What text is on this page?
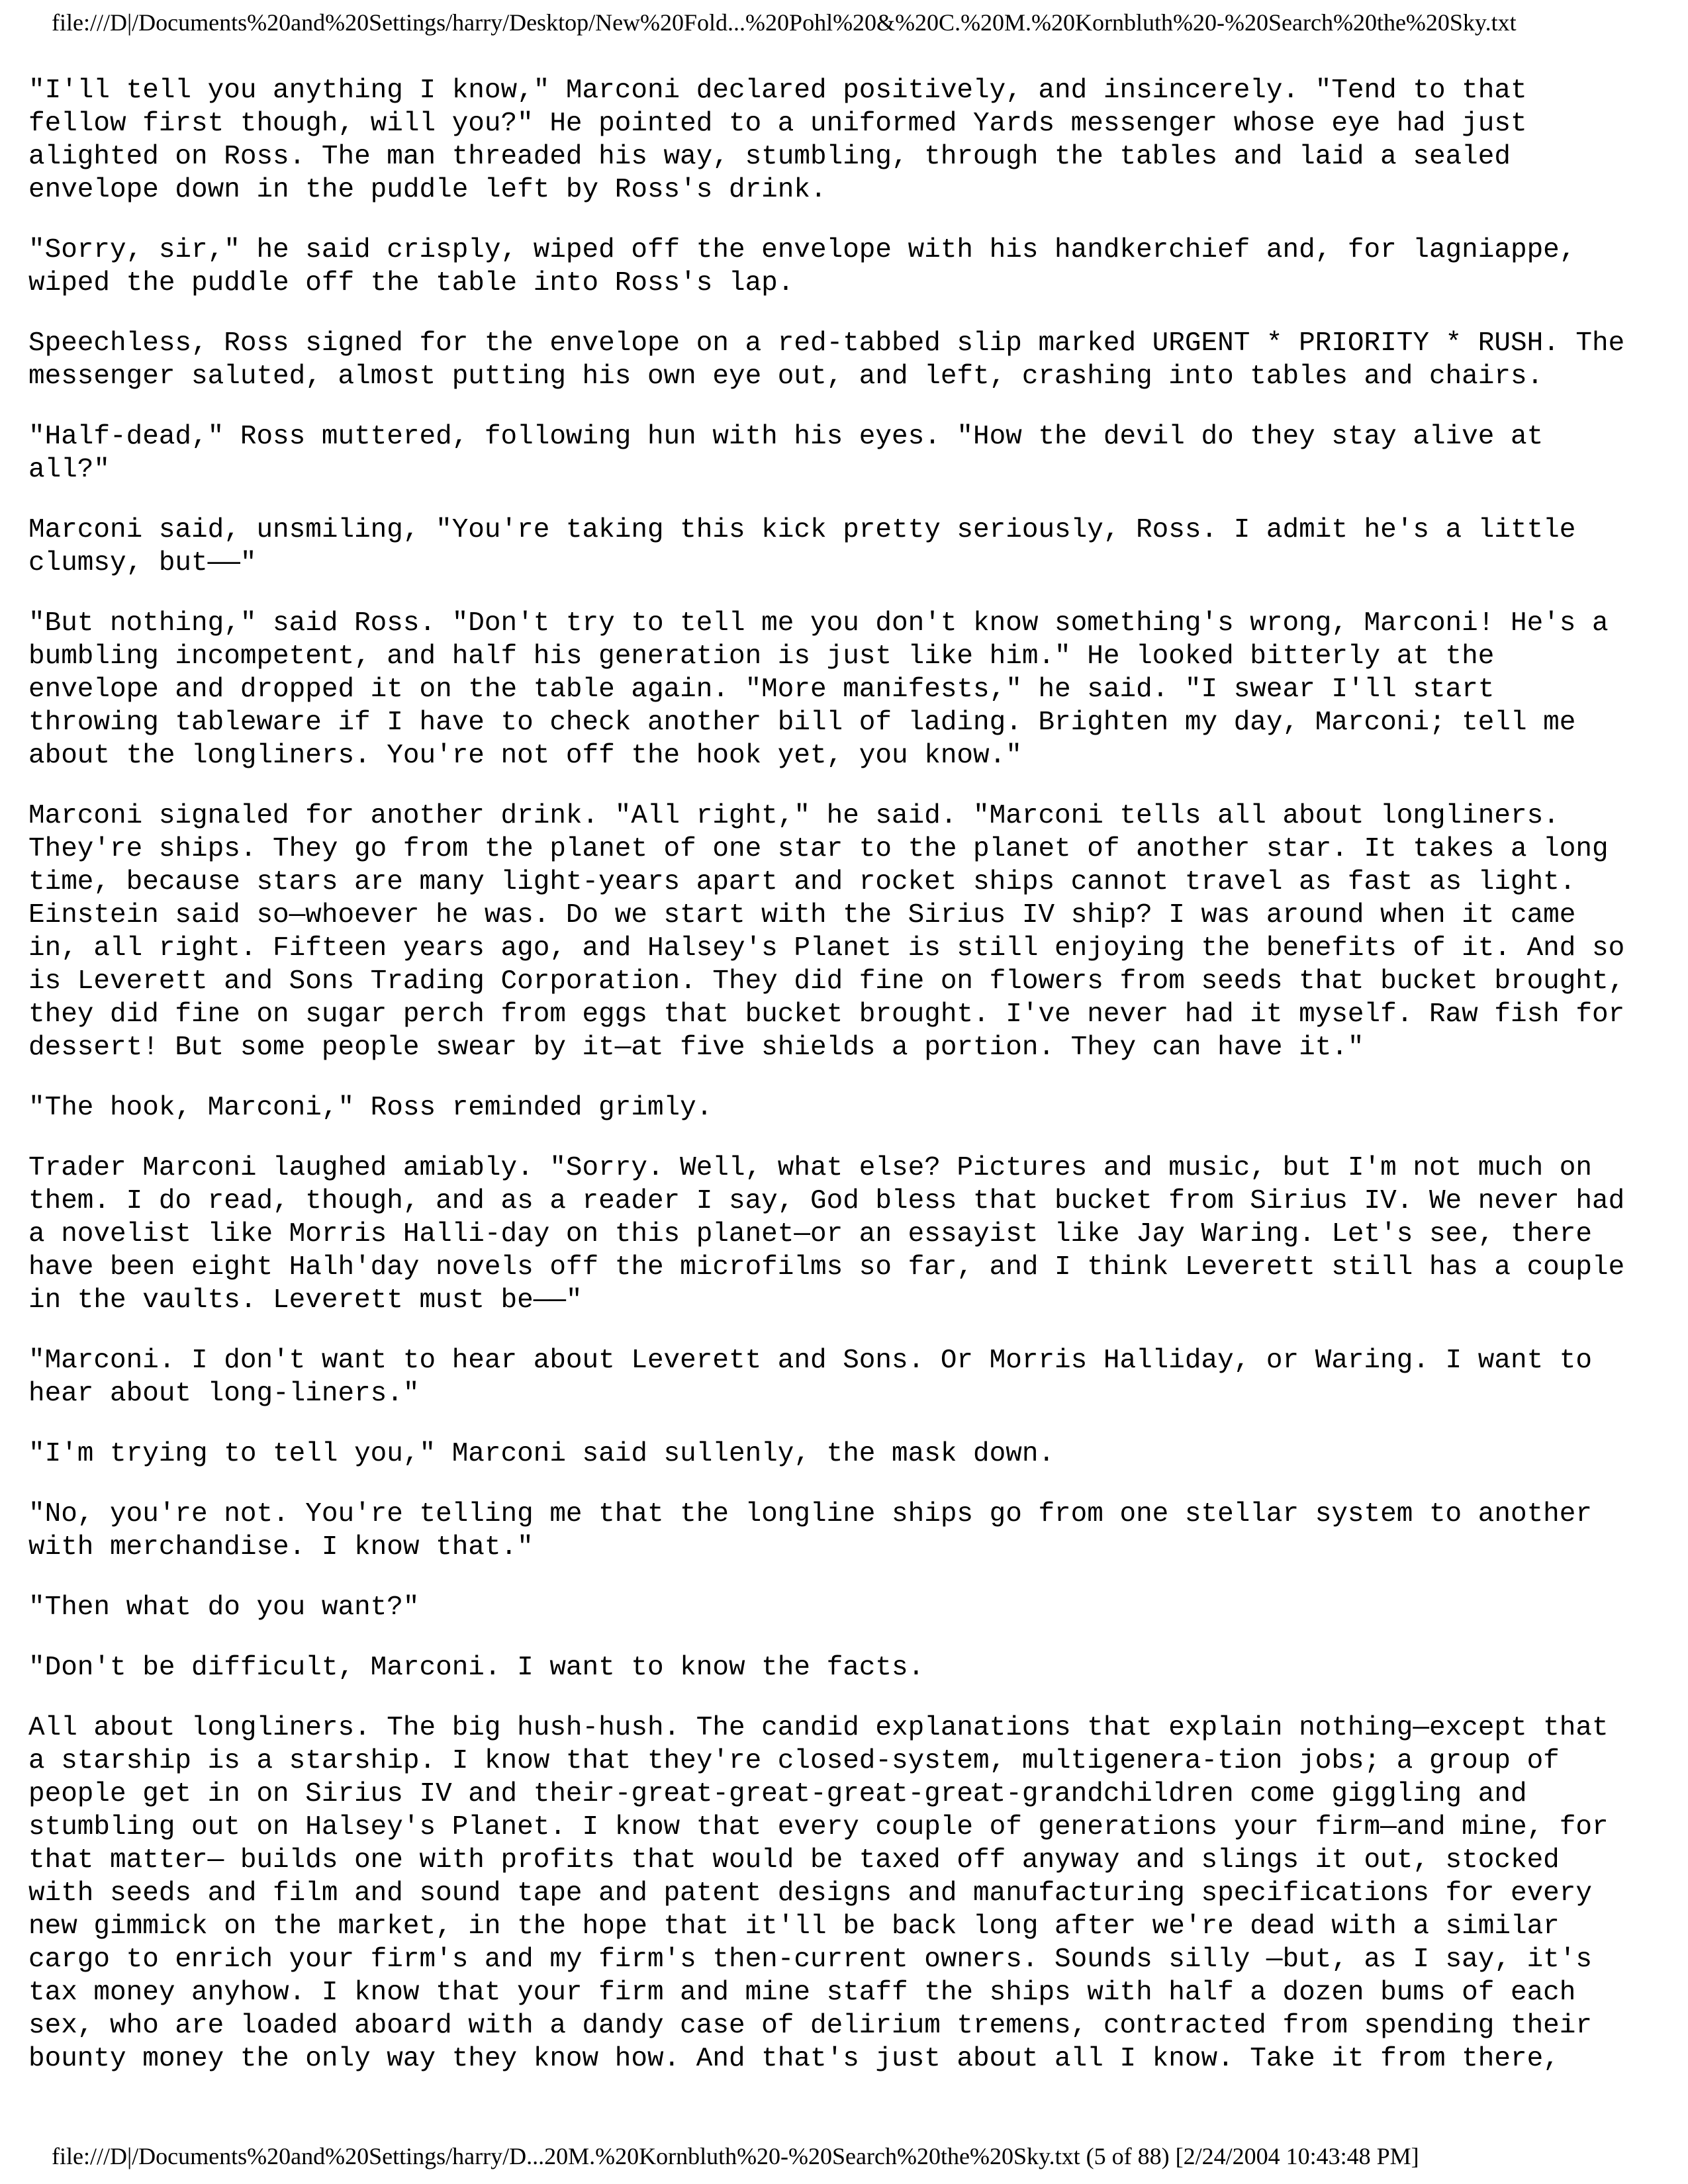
file:///D|/Documents%20and%20Settings/harry/Desktop/New%20Fold...%20Pohl%20&%20C.%20M.%20Kornbluth%20-%20Search%20the%20Sky.txt

"I'll tell you anything I know," Marconi declared positively, and insincerely. "Tend to that
fellow first though, will you?" He pointed to a uniformed Yards messenger whose eye had just
alighted on Ross. The man threaded his way, stumbling, through the tables and laid a sealed
envelope down in the puddle left by Ross's drink.

"Sorry, sir," he said crisply, wiped off the envelope with his handkerchief and, for lagniappe,
wiped the puddle off the table into Ross's lap.

Speechless, Ross signed for the envelope on a red-tabbed slip marked URGENT * PRIORITY * RUSH. The
messenger saluted, almost putting his own eye out, and left, crashing into tables and chairs.

"Half-dead," Ross muttered, following hun with his eyes. "How the devil do they stay alive at
all?"

Marconi said, unsmiling, "You're taking this kick pretty seriously, Ross. I admit he's a little
clumsy, but——"

"But nothing," said Ross. "Don't try to tell me you don't know something's wrong, Marconi! He's a
bumbling incompetent, and half his generation is just like him." He looked bitterly at the
envelope and dropped it on the table again. "More manifests," he said. "I swear I'll start
throwing tableware if I have to check another bill of lading. Brighten my day, Marconi; tell me
about the longliners. You're not off the hook yet, you know."

Marconi signaled for another drink. "All right," he said. "Marconi tells all about longliners.
They're ships. They go from the planet of one star to the planet of another star. It takes a long
time, because stars are many light-years apart and rocket ships cannot travel as fast as light.
Einstein said so—whoever he was. Do we start with the Sirius IV ship? I was around when it came
in, all right. Fifteen years ago, and Halsey's Planet is still enjoying the benefits of it. And so
is Leverett and Sons Trading Corporation. They did fine on flowers from seeds that bucket brought,
they did fine on sugar perch from eggs that bucket brought. I've never had it myself. Raw fish for
dessert! But some people swear by it—at five shields a portion. They can have it."

"The hook, Marconi," Ross reminded grimly.

Trader Marconi laughed amiably. "Sorry. Well, what else? Pictures and music, but I'm not much on
them. I do read, though, and as a reader I say, God bless that bucket from Sirius IV. We never had
a novelist like Morris Halli-day on this planet—or an essayist like Jay Waring. Let's see, there
have been eight Halh'day novels off the microfilms so far, and I think Leverett still has a couple
in the vaults. Leverett must be——"

"Marconi. I don't want to hear about Leverett and Sons. Or Morris Halliday, or Waring. I want to
hear about long-liners."

"I'm trying to tell you," Marconi said sullenly, the mask down.

"No, you're not. You're telling me that the longline ships go from one stellar system to another
with merchandise. I know that."

"Then what do you want?"

"Don't be difficult, Marconi. I want to know the facts.

All about longliners. The big hush-hush. The candid explanations that explain nothing—except that
a starship is a starship. I know that they're closed-system, multigenera-tion jobs; a group of
people get in on Sirius IV and their-great-great-great-great-grandchildren come giggling and
stumbling out on Halsey's Planet. I know that every couple of generations your firm—and mine, for
that matter— builds one with profits that would be taxed off anyway and slings it out, stocked
with seeds and film and sound tape and patent designs and manufacturing specifications for every
new gimmick on the market, in the hope that it'll be back long after we're dead with a similar
cargo to enrich your firm's and my firm's then-current owners. Sounds silly —but, as I say, it's
tax money anyhow. I know that your firm and mine staff the ships with half a dozen bums of each
sex, who are loaded aboard with a dandy case of delirium tremens, contracted from spending their
bounty money the only way they know how. And that's just about all I know. Take it from there,

file:///D|/Documents%20and%20Settings/harry/D...20M.%20Kornbluth%20-%20Search%20the%20Sky.txt (5 of 88) [2/24/2004 10:43:48 PM]
